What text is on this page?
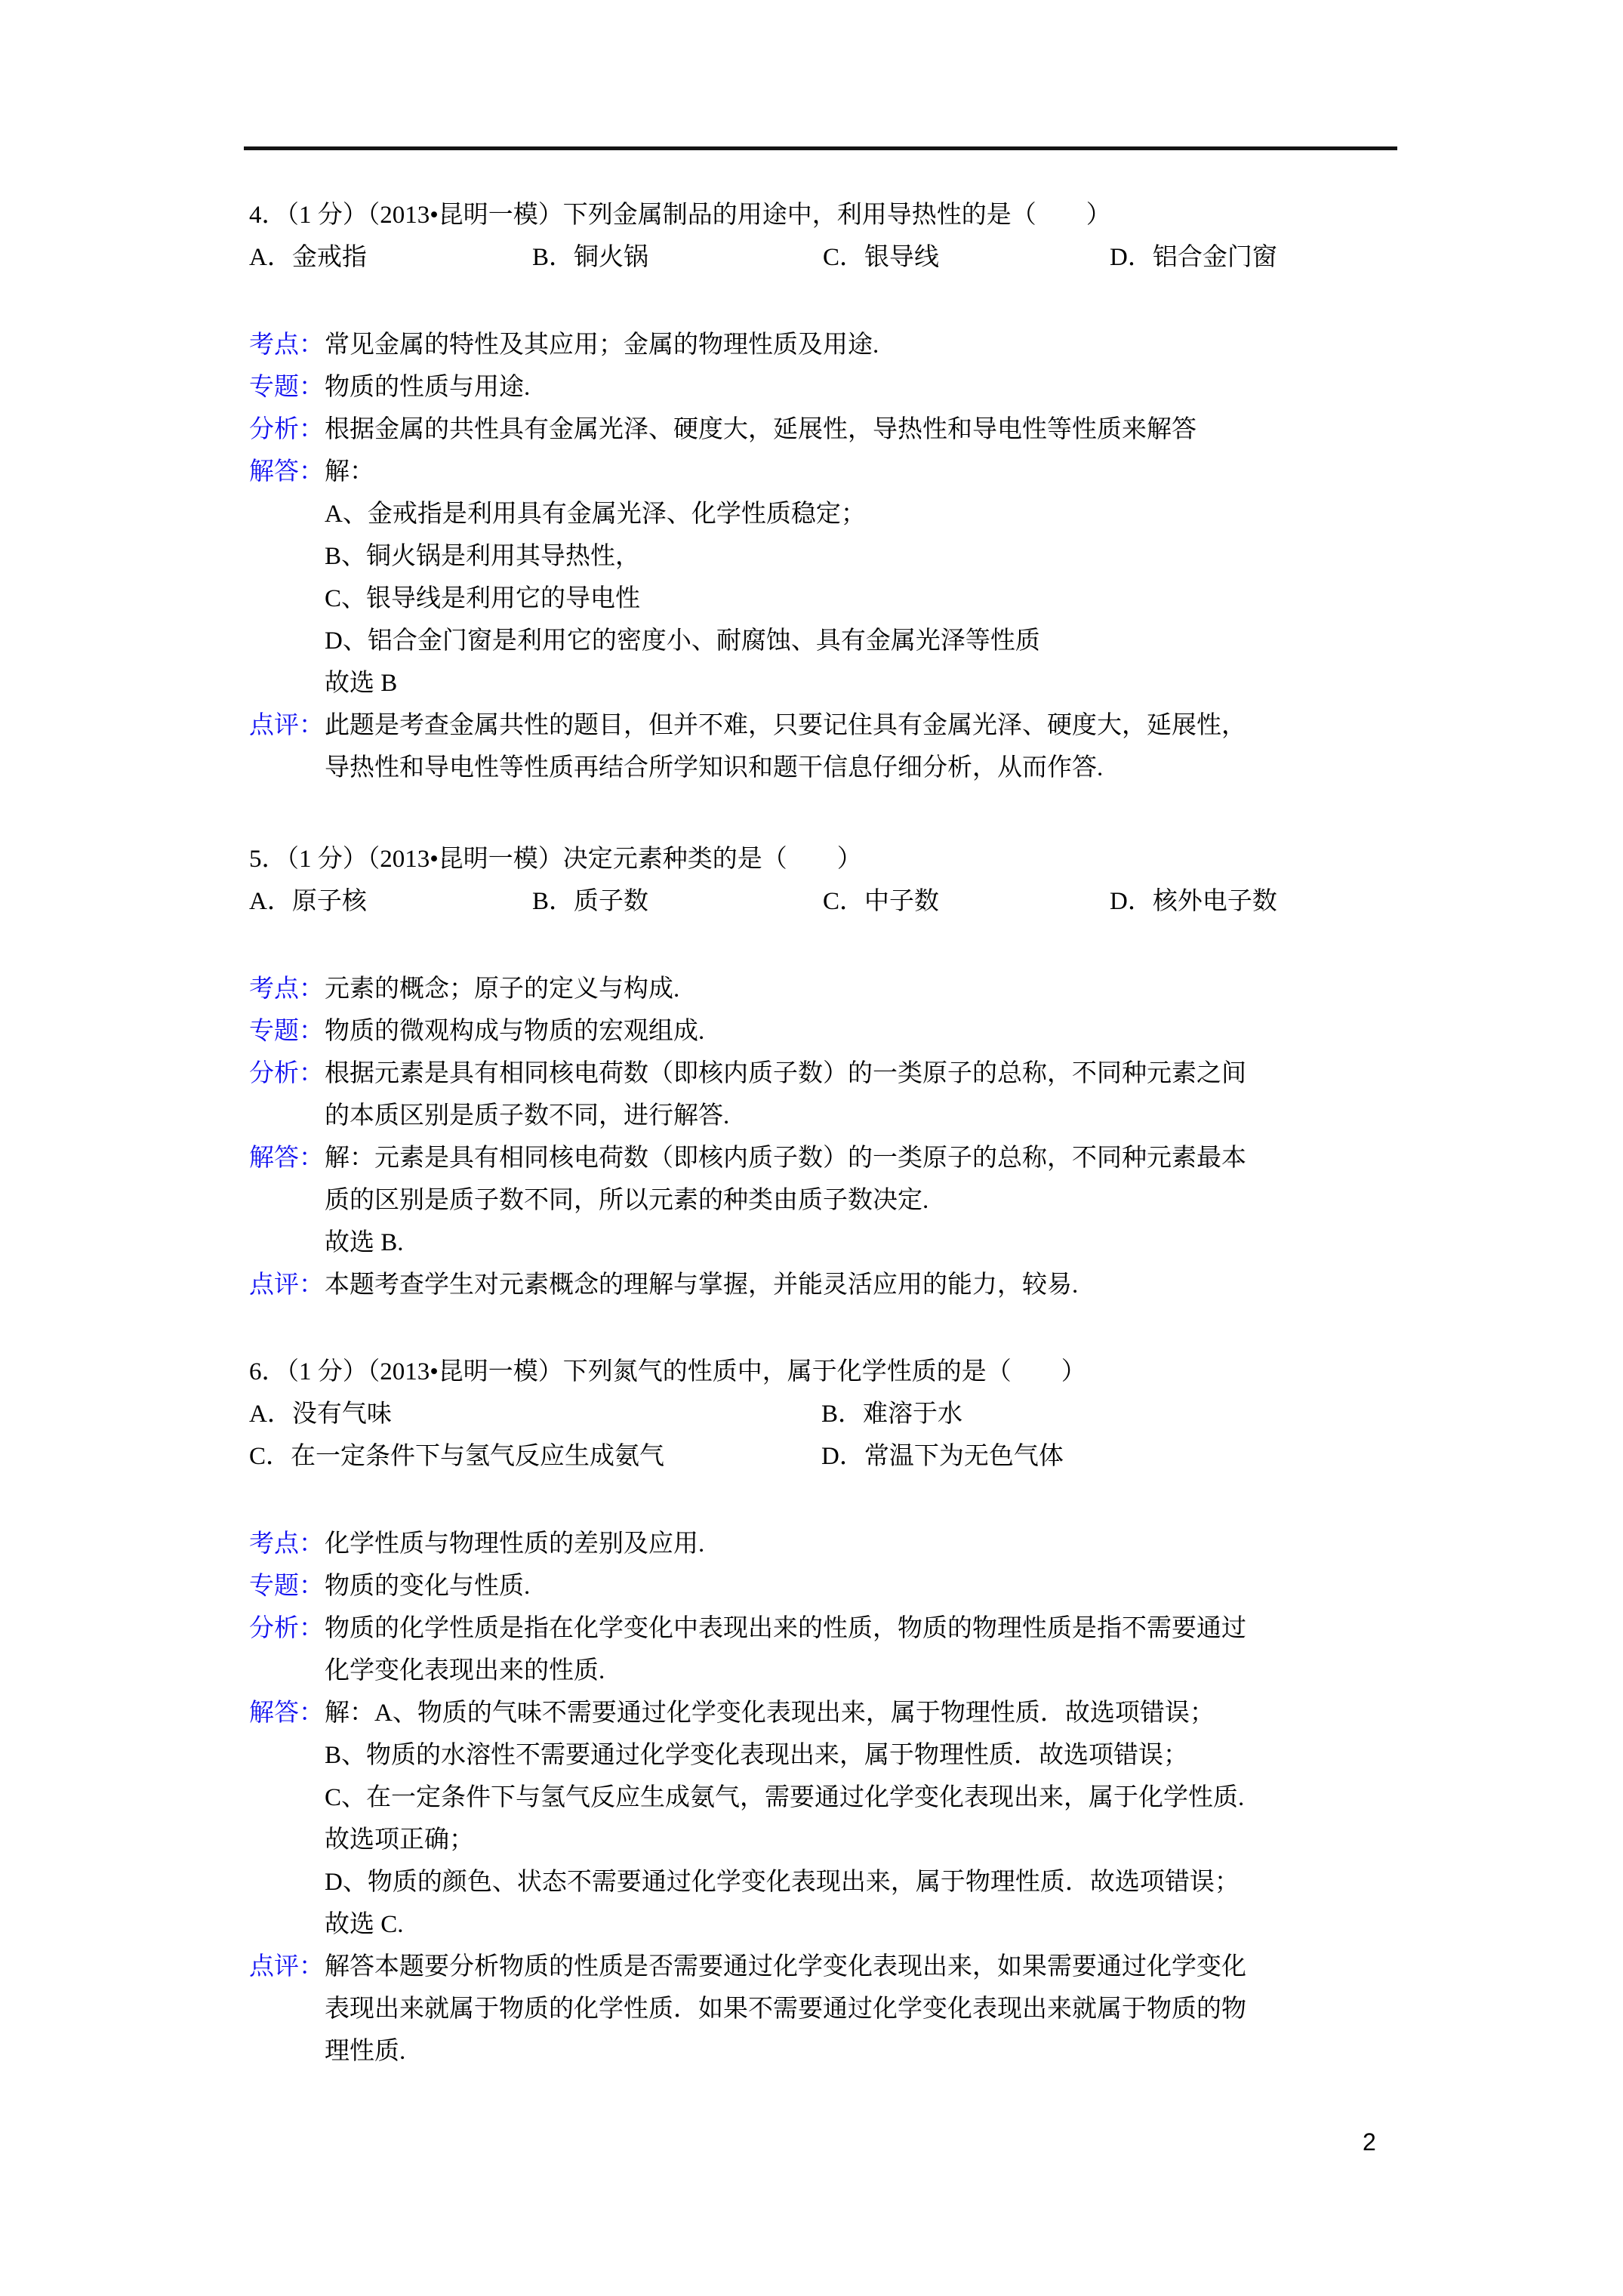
4．（1 分）（2013•昆明一模）下列金属制品的用途中，利用导热性的是（　　）
A．金戒指	B．铜火锅	C．银导线	D．铝合金门窗
考点：常见金属的特性及其应用；金属的物理性质及用途.
专题：物质的性质与用途.
分析：根据金属的共性具有金属光泽、硬度大，延展性，导热性和导电性等性质来解答
解答：解：
A、金戒指是利用具有金属光泽、化学性质稳定；
B、铜火锅是利用其导热性，
C、银导线是利用它的导电性
D、铝合金门窗是利用它的密度小、耐腐蚀、具有金属光泽等性质
故选 B
点评：此题是考查金属共性的题目，但并不难，只要记住具有金属光泽、硬度大，延展性，
导热性和导电性等性质再结合所学知识和题干信息仔细分析，从而作答.
5．（1 分）（2013•昆明一模）决定元素种类的是（　　）
A．原子核	B．质子数	C．中子数	D．核外电子数
考点：元素的概念；原子的定义与构成.
专题：物质的微观构成与物质的宏观组成.
分析：根据元素是具有相同核电荷数（即核内质子数）的一类原子的总称，不同种元素之间
的本质区别是质子数不同，进行解答.
解答：解：元素是具有相同核电荷数（即核内质子数）的一类原子的总称，不同种元素最本
质的区别是质子数不同，所以元素的种类由质子数决定.
故选 B.
点评：本题考查学生对元素概念的理解与掌握，并能灵活应用的能力，较易.
6．（1 分）（2013•昆明一模）下列氮气的性质中，属于化学性质的是（　　）
A．没有气味	B．难溶于水
C．在一定条件下与氢气反应生成氨气	D．常温下为无色气体
考点：化学性质与物理性质的差别及应用.
专题：物质的变化与性质.
分析：物质的化学性质是指在化学变化中表现出来的性质，物质的物理性质是指不需要通过
化学变化表现出来的性质.
解答：解：A、物质的气味不需要通过化学变化表现出来，属于物理性质．故选项错误；
B、物质的水溶性不需要通过化学变化表现出来，属于物理性质．故选项错误；
C、在一定条件下与氢气反应生成氨气，需要通过化学变化表现出来，属于化学性质.
故选项正确；
D、物质的颜色、状态不需要通过化学变化表现出来，属于物理性质．故选项错误；
故选 C.
点评：解答本题要分析物质的性质是否需要通过化学变化表现出来，如果需要通过化学变化
表现出来就属于物质的化学性质．如果不需要通过化学变化表现出来就属于物质的物
理性质.
2
